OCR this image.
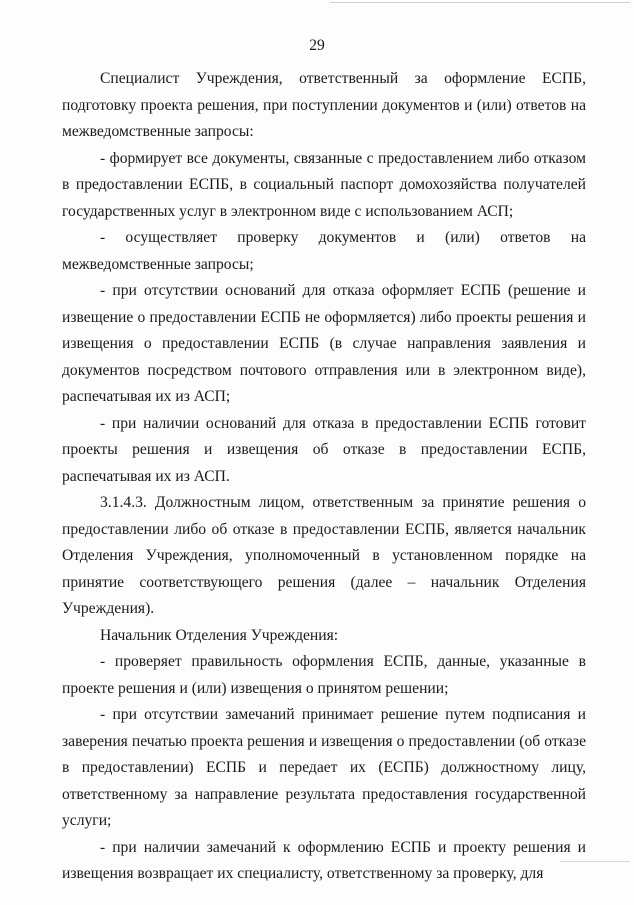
29

Специалист Учреждения, ответственный за оформление ЕСПБ, подготовку проекта решения, при поступлении документов и (или) ответов на межведомственные запросы:

- формирует все документы, связанные с предоставлением либо отказом в предоставлении ЕСПБ, в социальный паспорт домохозяйства получателей государственных услуг в электронном виде с использованием АСП;

- осуществляет проверку документов и (или) ответов на межведомственные запросы;

- при отсутствии оснований для отказа оформляет ЕСПБ (решение и извещение о предоставлении ЕСПБ не оформляется) либо проекты решения и извещения о предоставлении ЕСПБ (в случае направления заявления и документов посредством почтового отправления или в электронном виде), распечатывая их из АСП;

- при наличии оснований для отказа в предоставлении ЕСПБ готовит проекты решения и извещения об отказе в предоставлении ЕСПБ, распечатывая их из АСП.

3.1.4.3. Должностным лицом, ответственным за принятие решения о предоставлении либо об отказе в предоставлении ЕСПБ, является начальник Отделения Учреждения, уполномоченный в установленном порядке на принятие соответствующего решения (далее – начальник Отделения Учреждения).

Начальник Отделения Учреждения:

- проверяет правильность оформления ЕСПБ, данные, указанные в проекте решения и (или) извещения о принятом решении;

- при отсутствии замечаний принимает решение путем подписания и заверения печатью проекта решения и извещения о предоставлении (об отказе в предоставлении) ЕСПБ и передает их (ЕСПБ) должностному лицу, ответственному за направление результата предоставления государственной услуги;

- при наличии замечаний к оформлению ЕСПБ и проекту решения и извещения возвращает их специалисту, ответственному за проверку, для
